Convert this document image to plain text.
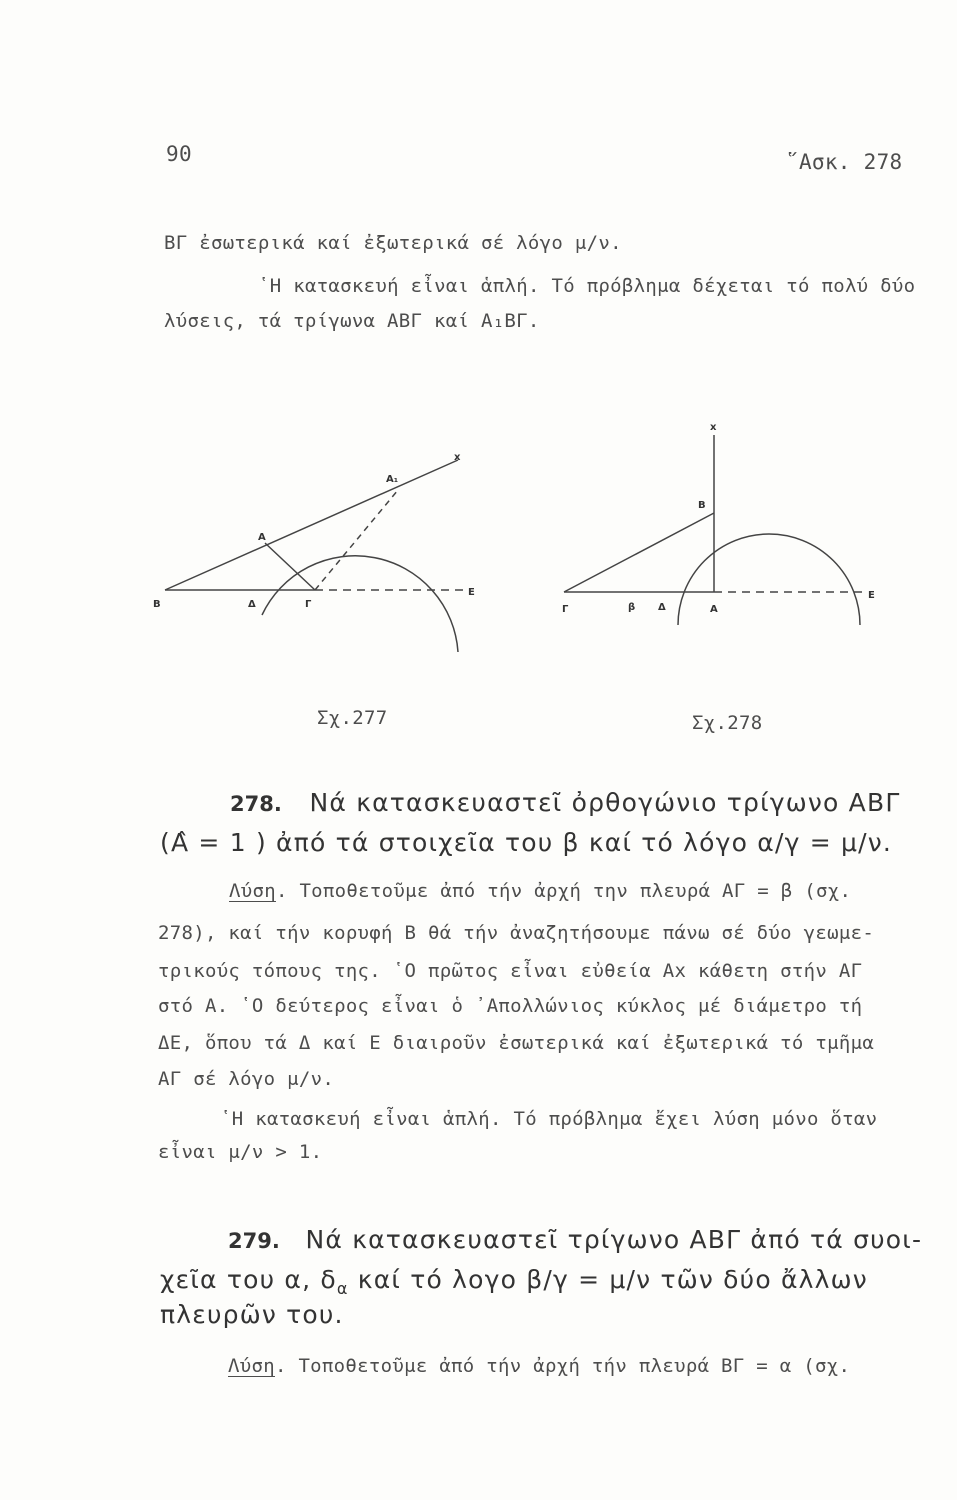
90	῞Ασκ. 278
ΒΓ ἐσωτερικά καί ἐξωτερικά σέ λόγο μ/ν.
῾Η κατασκευή εἶναι ἁπλή. Τό πρόβλημα δέχεται τό πολύ δύο
λύσεις, τά τρίγωνα ΑΒΓ καί Α₁ΒΓ.
Β	Δ	Γ
Ε
Α
Α₁
x
Γ	β Δ	Α
Ε
Β
x
Σχ.277	Σχ.278
278. Νά κατασκευαστεῖ ὀρθογώνιο τρίγωνο ΑΒΓ
(Α̂ = 1 ) ἀπό τά στοιχεῖα του β καί τό λόγο α/γ = μ/ν.
Λύση. Τοποθετοῦμε ἀπό τήν ἀρχή την πλευρά ΑΓ = β (σχ.
278), καί τήν κορυφή Β θά τήν ἀναζητήσουμε πάνω σέ δύο γεωμε-
τρικούς τόπους της. ῾Ο πρῶτος εἶναι εὐθεία Αx κάθετη στήν ΑΓ
στό Α. ῾Ο δεύτερος εἶναι ὁ ᾿Απολλώνιος κύκλος μέ διάμετρο τή
ΔΕ, ὅπου τά Δ καί Ε διαιροῦν ἐσωτερικά καί ἐξωτερικά τό τμῆμα
ΑΓ σέ λόγο μ/ν.
῾Η κατασκευή εἶναι ἁπλή. Τό πρόβλημα ἔχει λύση μόνο ὅταν
εἶναι μ/ν > 1.
279. Νά κατασκευαστεῖ τρίγωνο ΑΒΓ ἀπό τά συοι-
χεῖα του α, $\delta_\alpha$ καί τό λογο β/γ = μ/ν τῶν δύο ἄλλων
πλευρῶν του.
Λύση. Τοποθετοῦμε ἀπό τήν ἀρχή τήν πλευρά ΒΓ = α (σχ.
